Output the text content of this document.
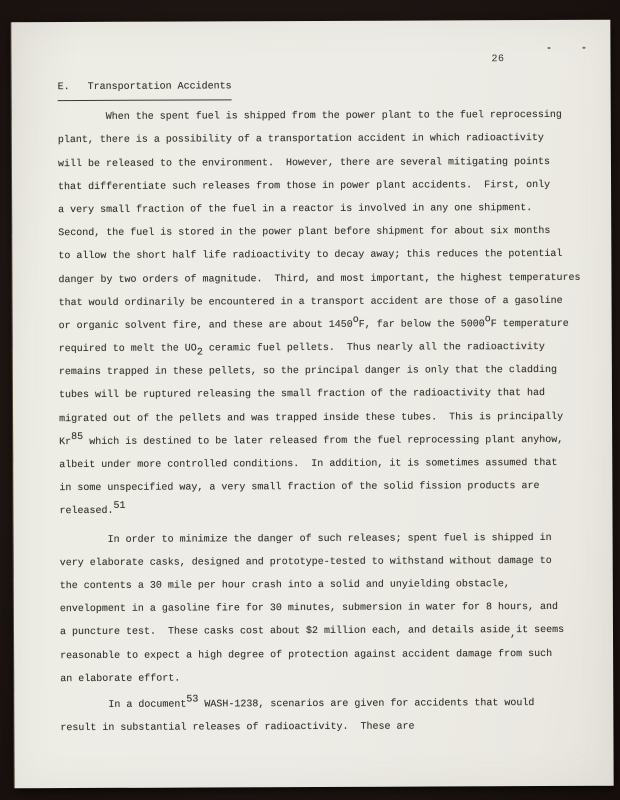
26
E.   Transportation Accidents
When the spent fuel is shipped from the power plant to the fuel reprocessing
plant, there is a possibility of a transportation accident in which radioactivity
will be released to the environment.  However, there are several mitigating points
that differentiate such releases from those in power plant accidents.  First, only
a very small fraction of the fuel in a reactor is involved in any one shipment.
Second, the fuel is stored in the power plant before shipment for about six months
to allow the short half life radioactivity to decay away; this reduces the potential
danger by two orders of magnitude.  Third, and most important, the highest temperatures
that would ordinarily be encountered in a transport accident are those of a gasoline
or organic solvent fire, and these are about 1450oF, far below the 5000oF temperature
required to melt the UO2 ceramic fuel pellets.  Thus nearly all the radioactivity
remains trapped in these pellets, so the principal danger is only that the cladding
tubes will be ruptured releasing the small fraction of the radioactivity that had
migrated out of the pellets and was trapped inside these tubes.  This is principally
Kr85 which is destined to be later released from the fuel reprocessing plant anyhow,
albeit under more controlled conditions.  In addition, it is sometimes assumed that
in some unspecified way, a very small fraction of the solid fission products are
released.51
In order to minimize the danger of such releases; spent fuel is shipped in
very elaborate casks, designed and prototype-tested to withstand without damage to
the contents a 30 mile per hour crash into a solid and unyielding obstacle,
envelopment in a gasoline fire for 30 minutes, submersion in water for 8 hours, and
a puncture test.  These casks cost about $2 million each, and details aside,it seems
reasonable to expect a high degree of protection against accident damage from such
an elaborate effort.
In a document53 WASH-1238, scenarios are given for accidents that would
result in substantial releases of radioactivity.  These are
